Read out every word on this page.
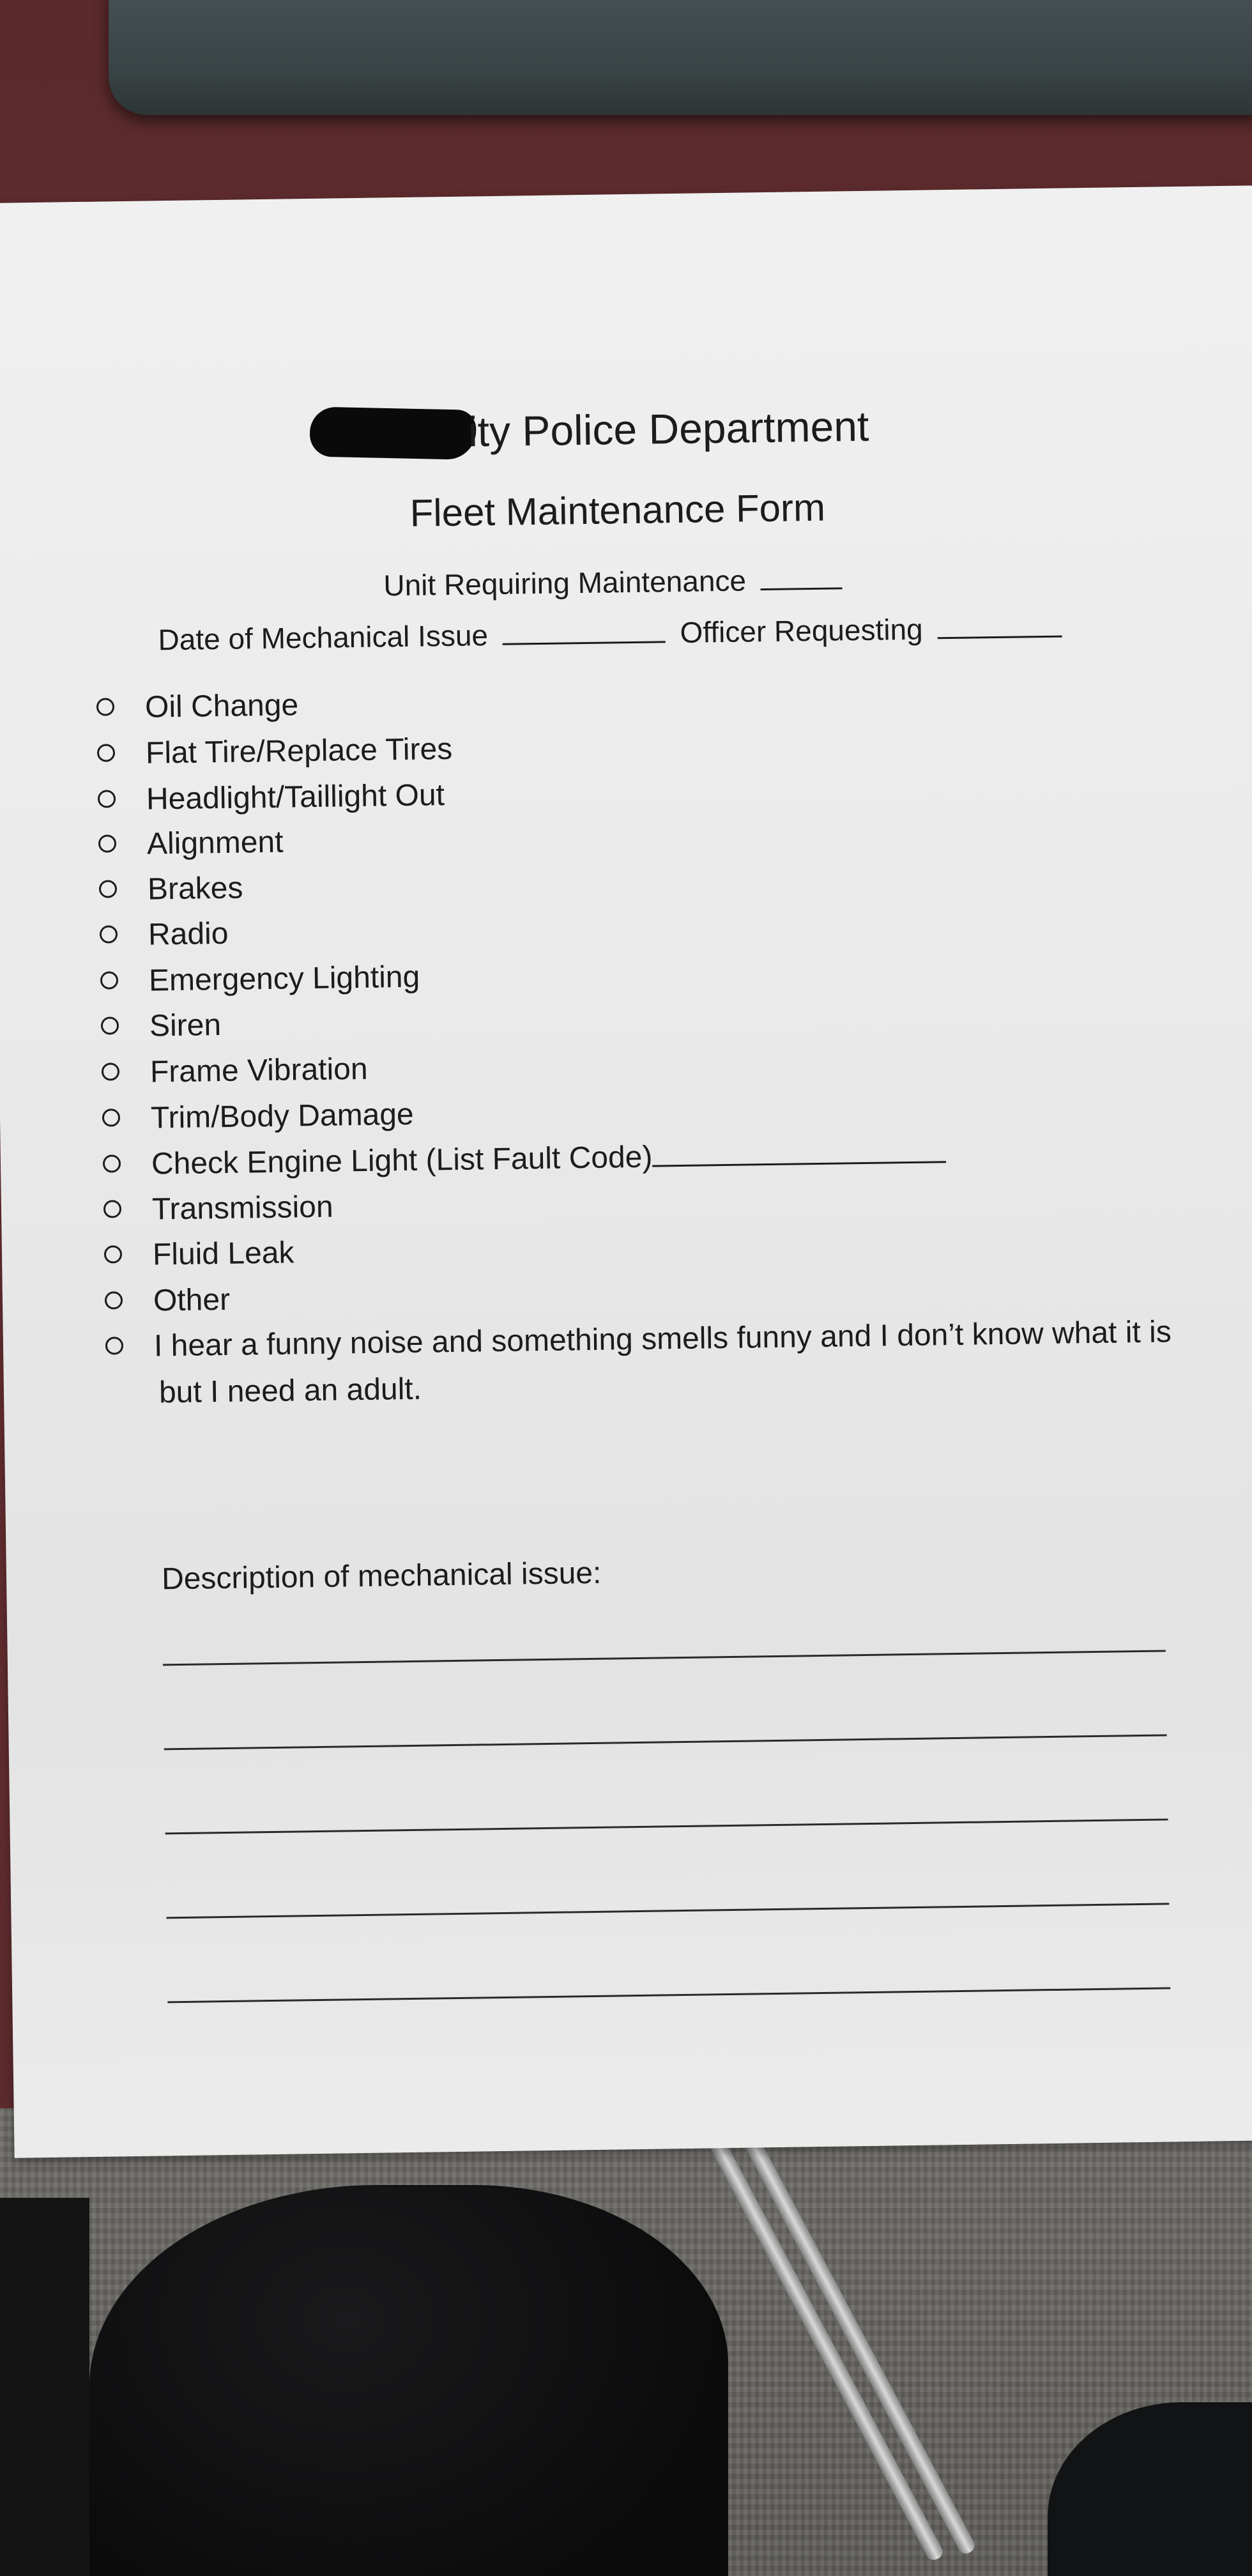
ity Police Department
Fleet Maintenance Form
Unit Requiring Maintenance
Date of Mechanical Issue	Officer Requesting
Oil Change
Flat Tire/Replace Tires
Headlight/Taillight Out
Alignment
Brakes
Radio
Emergency Lighting
Siren
Frame Vibration
Trim/Body Damage
Check Engine Light (List Fault Code)
Transmission
Fluid Leak
Other
I hear a funny noise and something smells funny and I don’t know what it is
but I need an adult.
Description of mechanical issue:
